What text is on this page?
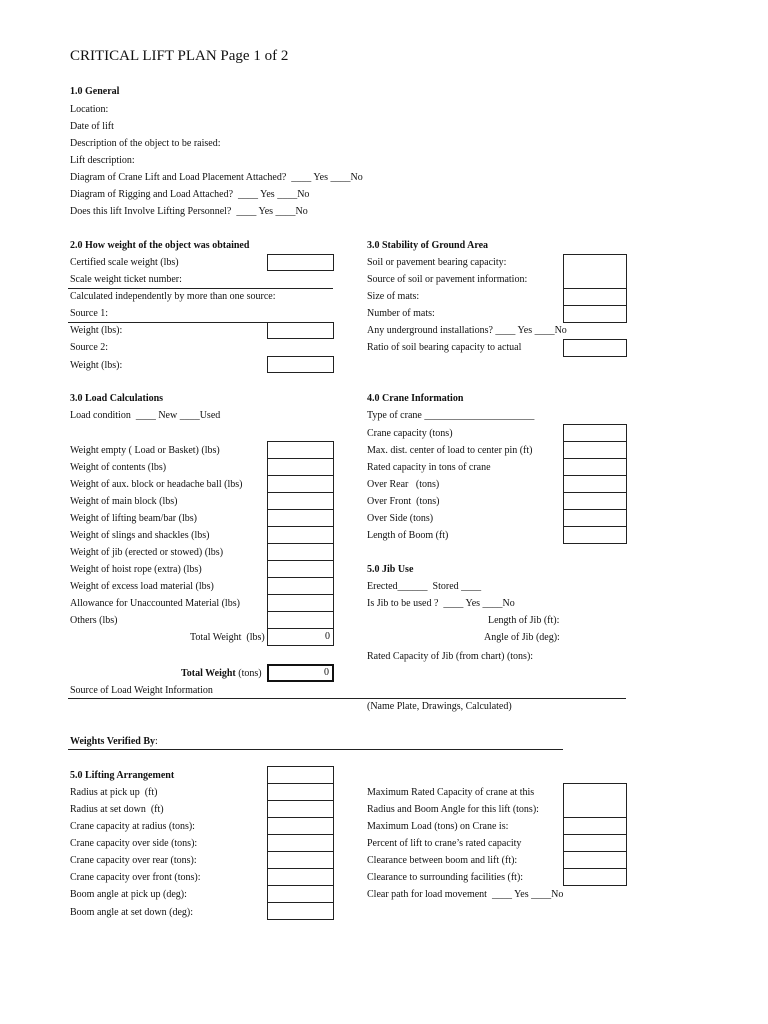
CRITICAL LIFT PLAN Page 1 of 2
1.0 General
Location:
Date of lift
Description of the object to be raised:
Lift description:
Diagram of Crane Lift and Load Placement Attached?  ____ Yes ____No
Diagram of Rigging and Load Attached?  ____ Yes ____No
Does this lift Involve Lifting Personnel?  ____ Yes ____No
2.0 How weight of the object was obtained
Certified scale weight (lbs)
Scale weight ticket number:
Calculated independently by more than one source:
Source 1:
Weight (lbs):
Source 2:
Weight (lbs):
3.0 Stability of Ground Area
Soil or pavement bearing capacity:
Source of soil or pavement information:
Size of mats:
Number of mats:
Any underground installations? ____ Yes ____No
Ratio of soil bearing capacity to actual
3.0 Load Calculations
Load condition  ____ New ____Used
Weight empty ( Load or Basket) (lbs)
Weight of contents (lbs)
Weight of aux. block or headache ball (lbs)
Weight of main block (lbs)
Weight of lifting beam/bar (lbs)
Weight of slings and shackles (lbs)
Weight of jib (erected or stowed) (lbs)
Weight of hoist rope (extra) (lbs)
Weight of excess load material (lbs)
Allowance for Unaccounted Material (lbs)
Others (lbs)
Total Weight  (lbs)	0
Total Weight (tons)	0
Source of Load Weight Information
(Name Plate, Drawings, Calculated)
4.0 Crane Information
Type of crane ______________________
Crane capacity (tons)
Max. dist. center of load to center pin (ft)
Rated capacity in tons of crane
Over Rear   (tons)
Over Front  (tons)
Over Side (tons)
Length of Boom (ft)
5.0 Jib Use
Erected______  Stored ____
Is Jib to be used ?  ____ Yes ____No
Length of Jib (ft):
Angle of Jib (deg):
Rated Capacity of Jib (from chart) (tons):
Weights Verified By:
5.0 Lifting Arrangement
Radius at pick up  (ft)
Radius at set down  (ft)
Crane capacity at radius (tons):
Crane capacity over side (tons):
Crane capacity over rear (tons):
Crane capacity over front (tons):
Boom angle at pick up (deg):
Boom angle at set down (deg):
Maximum Rated Capacity of crane at this
Radius and Boom Angle for this lift (tons):
Maximum Load (tons) on Crane is:
Percent of lift to crane’s rated capacity
Clearance between boom and lift (ft):
Clearance to surrounding facilities (ft):
Clear path for load movement  ____ Yes ____No
